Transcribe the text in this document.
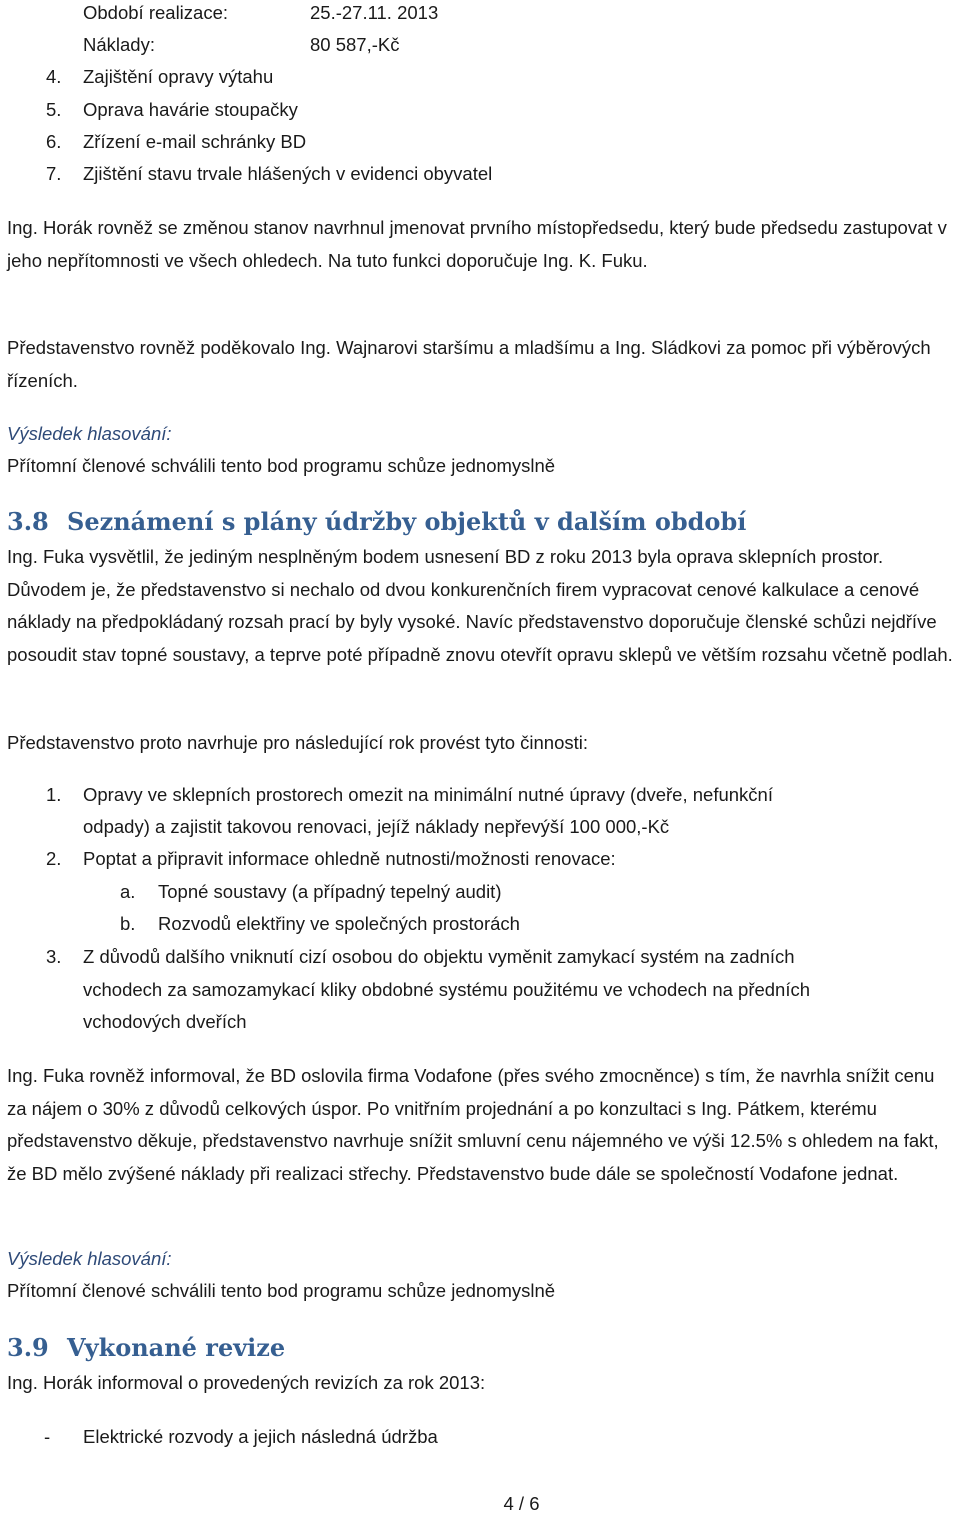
Období realizace:	25.-27.11. 2013
Náklady:	80 587,-Kč
4. Zajištění opravy výtahu
5. Oprava havárie stoupačky
6. Zřízení e-mail schránky BD
7. Zjištění stavu trvale hlášených v evidenci obyvatel
Ing. Horák rovněž se změnou stanov navrhnul jmenovat prvního místopředsedu, který bude předsedu zastupovat v jeho nepřítomnosti ve všech ohledech. Na tuto funkci doporučuje Ing. K. Fuku.
Představenstvo rovněž poděkovalo Ing. Wajnarovi staršímu a mladšímu a Ing. Sládkovi za pomoc při výběrových řízeních.
Výsledek hlasování:
Přítomní členové schválili tento bod programu schůze jednomyslně
3.8 Seznámení s plány údržby objektů v dalším období
Ing. Fuka vysvětlil, že jediným nesplněným bodem usnesení BD z roku 2013 byla oprava sklepních prostor. Důvodem je, že představenstvo si nechalo od dvou konkurenčních firem vypracovat cenové kalkulace a cenové náklady na předpokládaný rozsah prací by byly vysoké. Navíc představenstvo doporučuje členské schůzi nejdříve posoudit stav topné soustavy, a teprve poté případně znovu otevřít opravu sklepů ve větším rozsahu včetně podlah.
Představenstvo proto navrhuje pro následující rok provést tyto činnosti:
1. Opravy ve sklepních prostorech omezit na minimální nutné úpravy (dveře, nefunkční
odpady) a zajistit takovou renovaci, jejíž náklady nepřevýší 100 000,-Kč
2. Poptat a připravit informace ohledně nutnosti/možnosti renovace:
a. Topné soustavy (a případný tepelný audit)
b. Rozvodů elektřiny ve společných prostorách
3. Z důvodů dalšího vniknutí cizí osobou do objektu vyměnit zamykací systém na zadních
vchodech za samozamykací kliky obdobné systému použitému ve vchodech na předních
vchodových dveřích
Ing. Fuka rovněž informoval, že BD oslovila firma Vodafone (přes svého zmocněnce) s tím, že navrhla snížit cenu za nájem o 30% z důvodů celkových úspor. Po vnitřním projednání a po konzultaci s Ing. Pátkem, kterému představenstvo děkuje, představenstvo navrhuje snížit smluvní cenu nájemného ve výši 12.5% s ohledem na fakt, že BD mělo zvýšené náklady při realizaci střechy. Představenstvo bude dále se společností Vodafone jednat.
Výsledek hlasování:
Přítomní členové schválili tento bod programu schůze jednomyslně
3.9 Vykonané revize
Ing. Horák informoval o provedených revizích za rok 2013:
- Elektrické rozvody a jejich následná údržba
4 / 6
